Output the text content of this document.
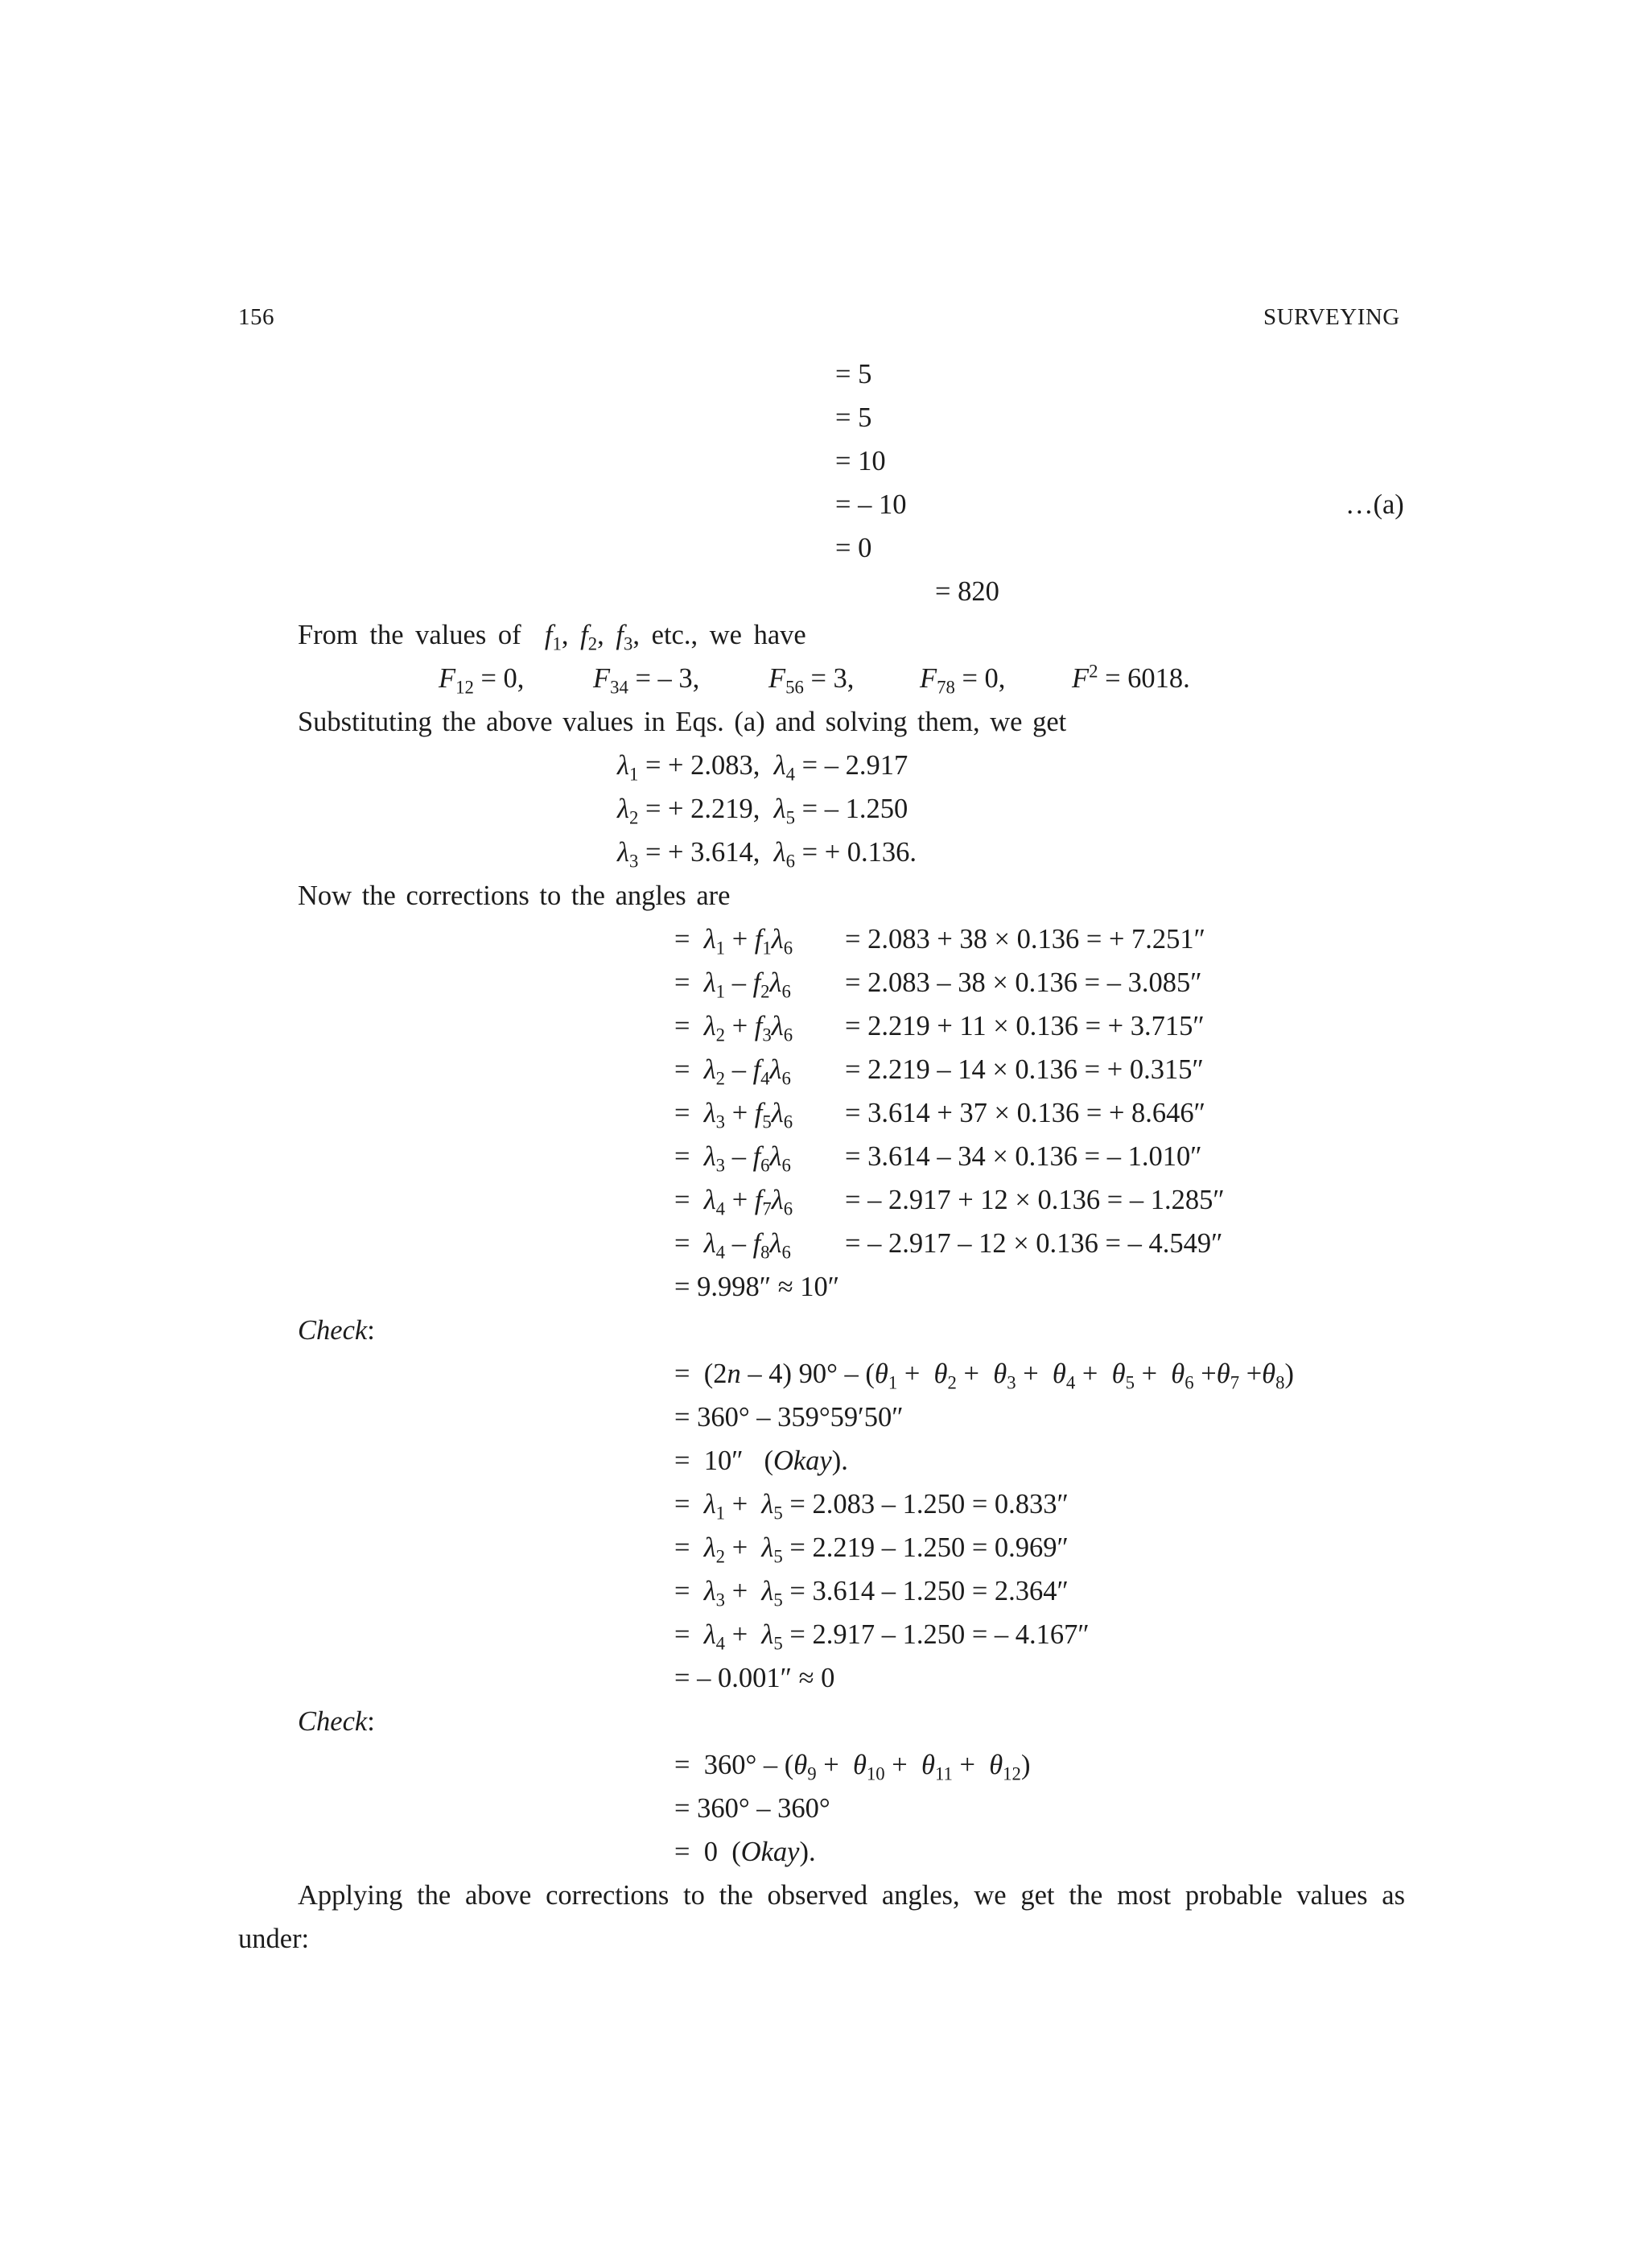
156	SURVEYING
= 5
= 5
= 10
= – 10	…(a)
= 0
= 820
From the values of  $f_1$, $f_2$, $f_3$, etc., we have
$F_{12} = 0$, $F_{34}$ = – 3, $F_{56} = 3$, $F_{78} = 0$, $F^2 = 6018$.
Substituting the above values in Eqs. (a) and solving them, we get
$\lambda_1$ = + 2.083,  $\lambda_4$ = – 2.917
$\lambda_2$ = + 2.219,  $\lambda_5$ = – 1.250
$\lambda_3$ = + 3.614,  $\lambda_6$ = + 0.136.
Now the corrections to the angles are
=  $\lambda_1 + f_1\lambda_6 = 2.083 + 38 \times 0.136$ = + 7.251″
=  $\lambda_1 - f_2\lambda_6 = 2.083 - 38 \times 0.136$ = – 3.085″
=  $\lambda_2 + f_3\lambda_6 = 2.219 + 11 \times 0.136$ = + 3.715″
=  $\lambda_2 - f_4\lambda_6 = 2.219 - 14 \times 0.136$ = + 0.315″
=  $\lambda_3 + f_5\lambda_6 = 3.614 + 37 \times 0.136$ = + 8.646″
=  $\lambda_3 - f_6\lambda_6 = 3.614 - 34 \times 0.136$ = – 1.010″
=  $\lambda_4 + f_7\lambda_6$ = – 2.917 + 12 × 0.136 = – 1.285″
=  $\lambda_4 - f_8\lambda_6$ = – 2.917 – 12 × 0.136 = – 4.549″
= 9.998″ ≈ 10″
Check:
=  (2n – 4) $90^\circ - (\theta_1 + \theta_2 + \theta_3 + \theta_4 + \theta_5 + \theta_6 +\theta_7 +\theta_8)$
= 360° – 359°59′50″
=  10″   (Okay).
=  $\lambda_1 + \lambda_5 = 2.083 - 1.250 = 0.833''$
=  $\lambda_2 + \lambda_5 = 2.219 - 1.250 = 0.969''$
=  $\lambda_3 + \lambda_5 = 3.614 - 1.250 = 2.364''$
=  $\lambda_4 + \lambda_5 = 2.917 - 1.250$ = – 4.167″
= – 0.001″ ≈ 0
Check:
=  $360^\circ - (\theta_9 + \theta_{10} + \theta_{11} + \theta_{12})$
= 360° – 360°
=  0  (Okay).
Applying the above corrections to the observed angles, we get the most probable values as
under:
